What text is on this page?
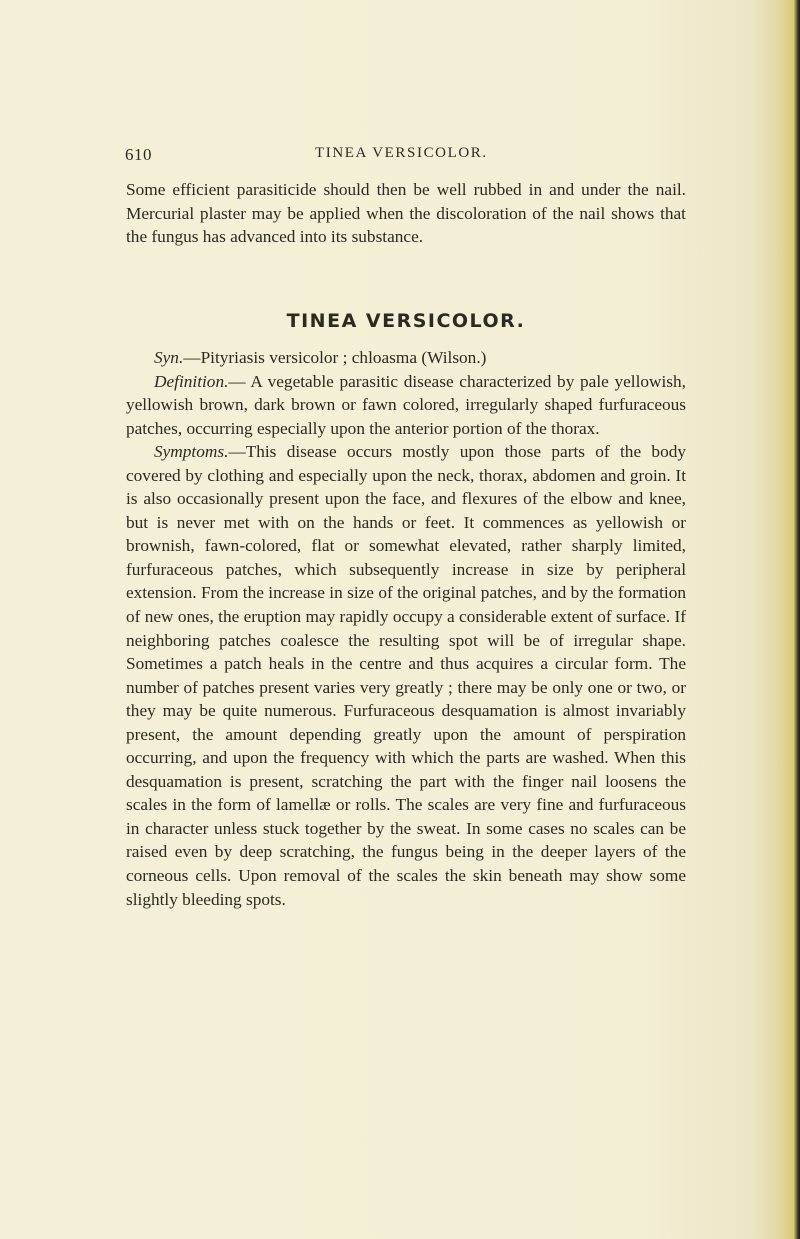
610	TINEA VERSICOLOR.
Some efficient parasiticide should then be well rubbed in and under the nail. Mercurial plaster may be applied when the discoloration of the nail shows that the fungus has advanced into its substance.
TINEA VERSICOLOR.

Syn.—Pityriasis versicolor ; chloasma (Wilson.)

Definition.— A vegetable parasitic disease characterized by pale yellowish, yellowish brown, dark brown or fawn colored, irregularly shaped furfuraceous patches, occurring especially upon the anterior portion of the thorax.

Symptoms.—This disease occurs mostly upon those parts of the body covered by clothing and especially upon the neck, thorax, abdomen and groin. It is also occasionally present upon the face, and flexures of the elbow and knee, but is never met with on the hands or feet. It commences as yellowish or brownish, fawn-colored, flat or somewhat elevated, rather sharply limited, furfuraceous patches, which subsequently increase in size by peripheral extension. From the increase in size of the original patches, and by the formation of new ones, the eruption may rapidly occupy a considerable extent of surface. If neighboring patches coalesce the resulting spot will be of irregular shape. Sometimes a patch heals in the centre and thus acquires a circular form. The number of patches present varies very greatly ; there may be only one or two, or they may be quite numerous. Furfuraceous desquamation is almost invariably present, the amount depending greatly upon the amount of perspiration occurring, and upon the frequency with which the parts are washed. When this desquamation is present, scratching the part with the finger nail loosens the scales in the form of lamellæ or rolls. The scales are very fine and furfuraceous in character unless stuck together by the sweat. In some cases no scales can be raised even by deep scratching, the fungus being in the deeper layers of the corneous cells. Upon removal of the scales the skin beneath may show some slightly bleeding spots.
